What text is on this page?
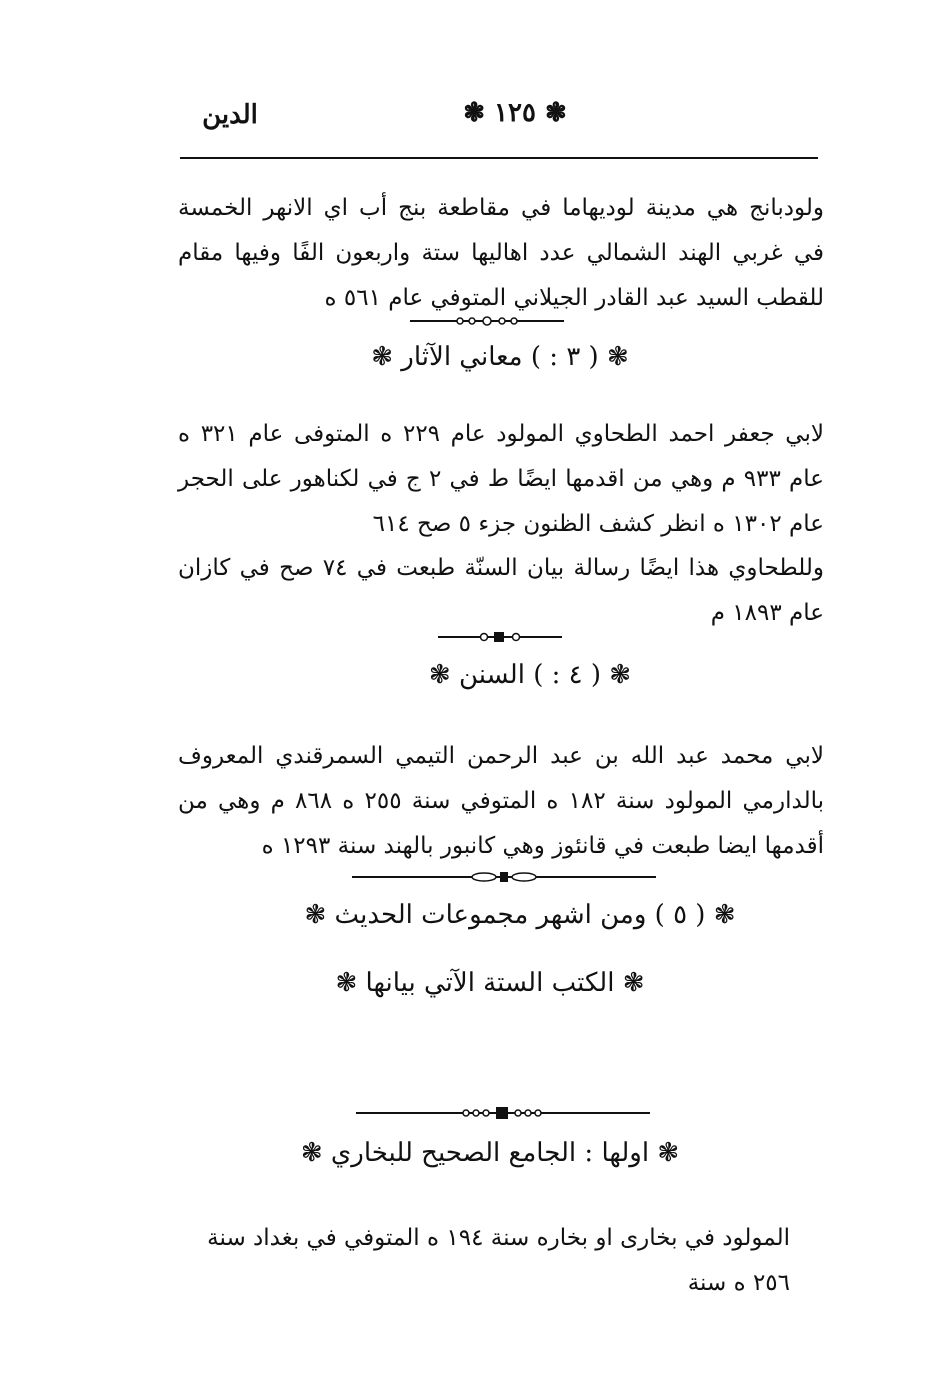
❃ ١٢٥ ❃
الدين
ولودبانج هي مدينة لوديهاما في مقاطعة بنج أب اي الانهر الخمسة في غربي الهند الشمالي عدد اهاليها ستة واربعون الفًا وفيها مقام للقطب السيد عبد القادر الجيلاني المتوفي عام ٥٦١ ه
❃ ( ٣ : ) معاني الآثار ❃
لابي جعفر احمد الطحاوي المولود عام ٢٢٩ ه المتوفى عام ٣٢١ ه عام ٩٣٣ م وهي من اقدمها ايضًا ط في ٢ ج في لكناهور على الحجر عام ١٣٠٢ ه انظر كشف الظنون جزء ٥ صح ٦١٤
وللطحاوي هذا ايضًا رسالة بيان السنّة طبعت في ٧٤ صح في كازان عام ١٨٩٣ م
❃ ( ٤ : ) السنن ❃
لابي محمد عبد الله بن عبد الرحمن التيمي السمرقندي المعروف بالدارمي المولود سنة ١٨٢ ه المتوفي سنة ٢٥٥ ه ٨٦٨ م وهي من أقدمها ايضا طبعت في قانئوز وهي كانبور بالهند سنة ١٢٩٣ ه
❃ ( ٥ ) ومن اشهر مجموعات الحديث ❃
❃ الكتب الستة الآتي بيانها ❃
❃ اولها : الجامع الصحيح للبخاري ❃
المولود في بخارى او بخاره سنة ١٩٤ ه المتوفي في بغداد سنة ٢٥٦ ه سنة
